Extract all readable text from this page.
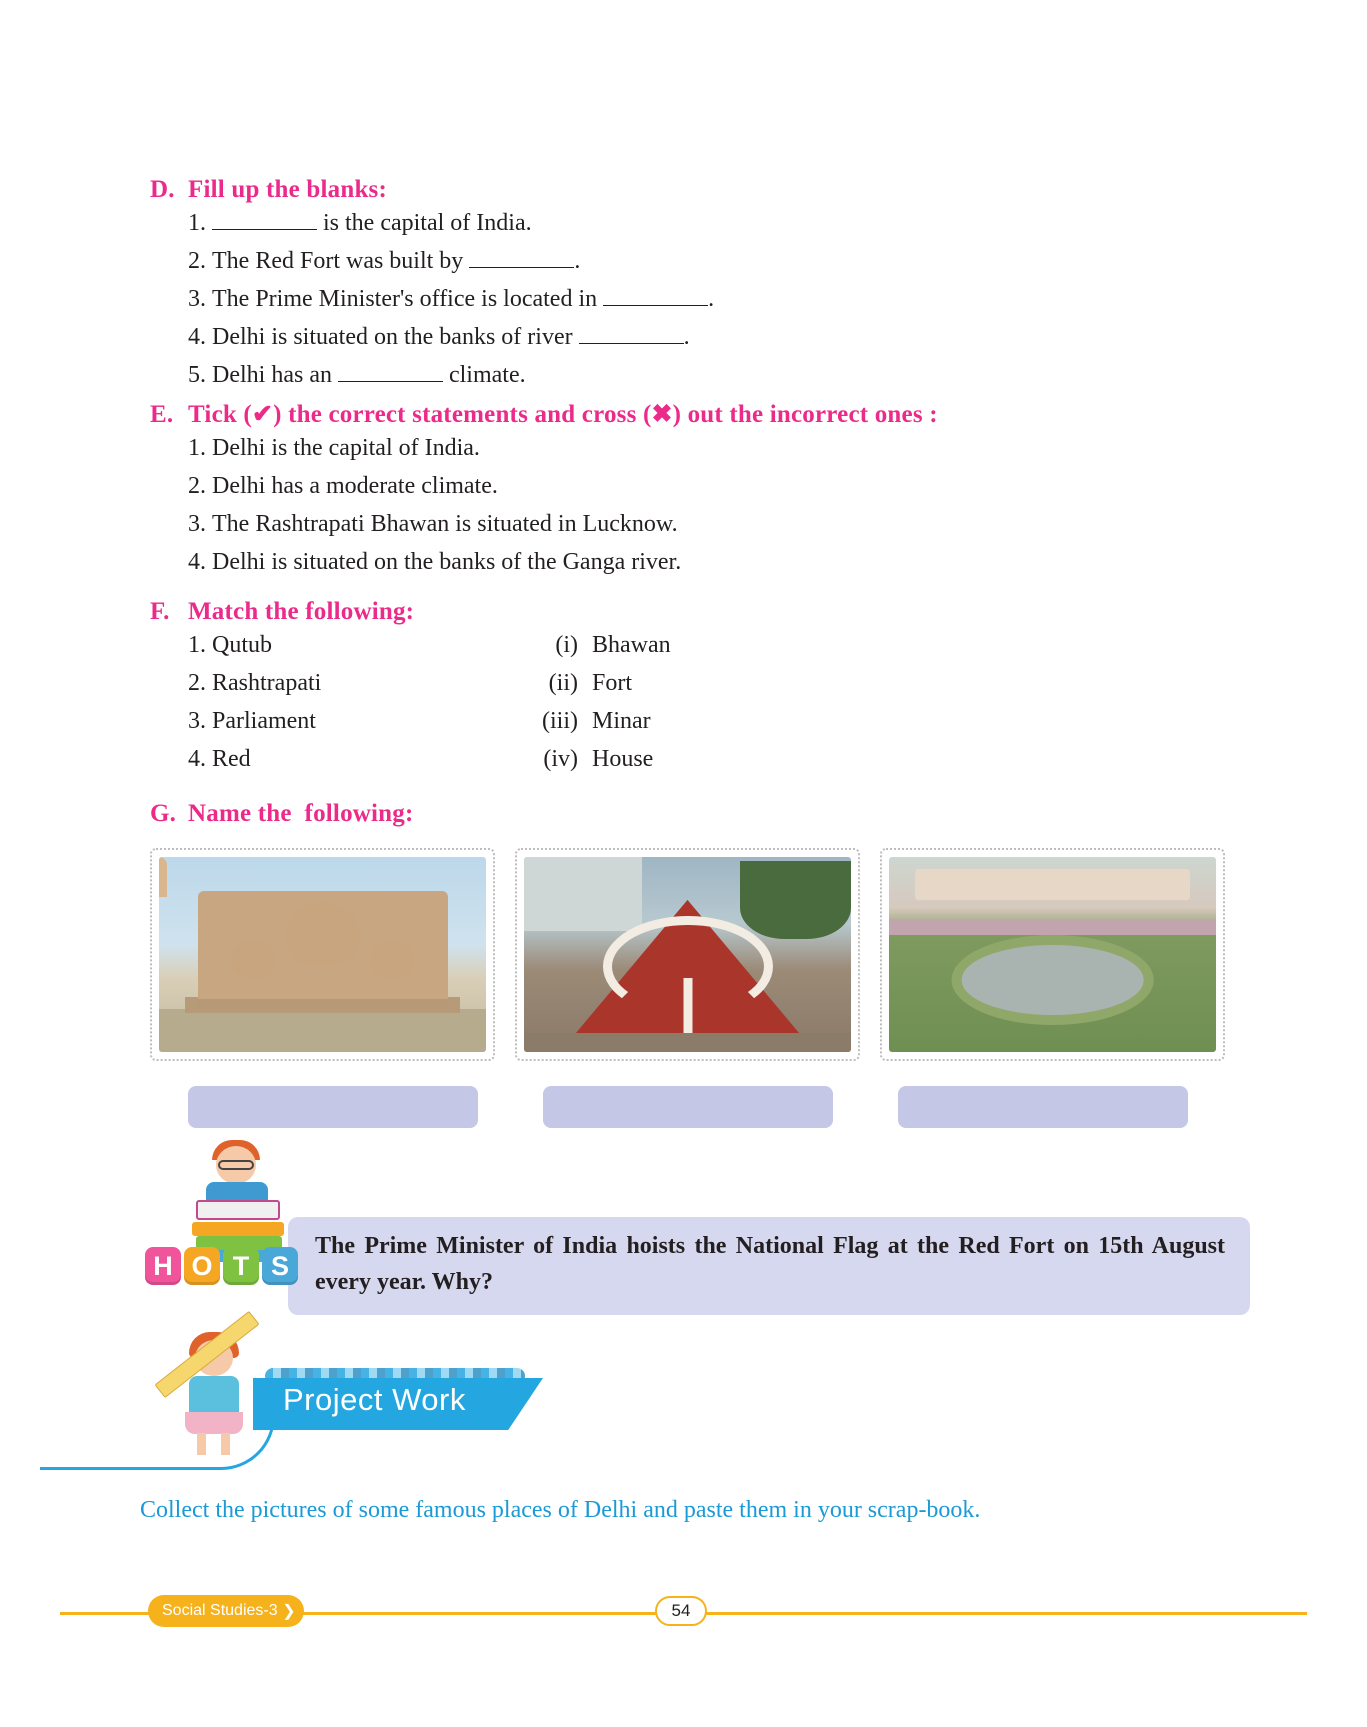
D. Fill up the blanks:
1.	is the capital of India.
2. The Red Fort was built by	.
3. The Prime Minister's office is located in	.
4. Delhi is situated on the banks of river	.
5. Delhi has an	climate.
E. Tick (✔) the correct statements and cross (✖) out the incorrect ones :
1. Delhi is the capital of India.
2. Delhi has a moderate climate.
3. The Rashtrapati Bhawan is situated in Lucknow.
4. Delhi is situated on the banks of the Ganga river.
F. Match the following:
1. Qutub	(i) Bhawan
2. Rashtrapati	(ii) Fort
3. Parliament	(iii) Minar
4. Red	(iv) House
G. Name the  following:
H O T S
The Prime Minister of India hoists the National Flag at the Red Fort on 15th August every year. Why?
Project Work
Collect the pictures of some famous places of Delhi and paste them in your scrap-book.
Social Studies-3 ❯	54
